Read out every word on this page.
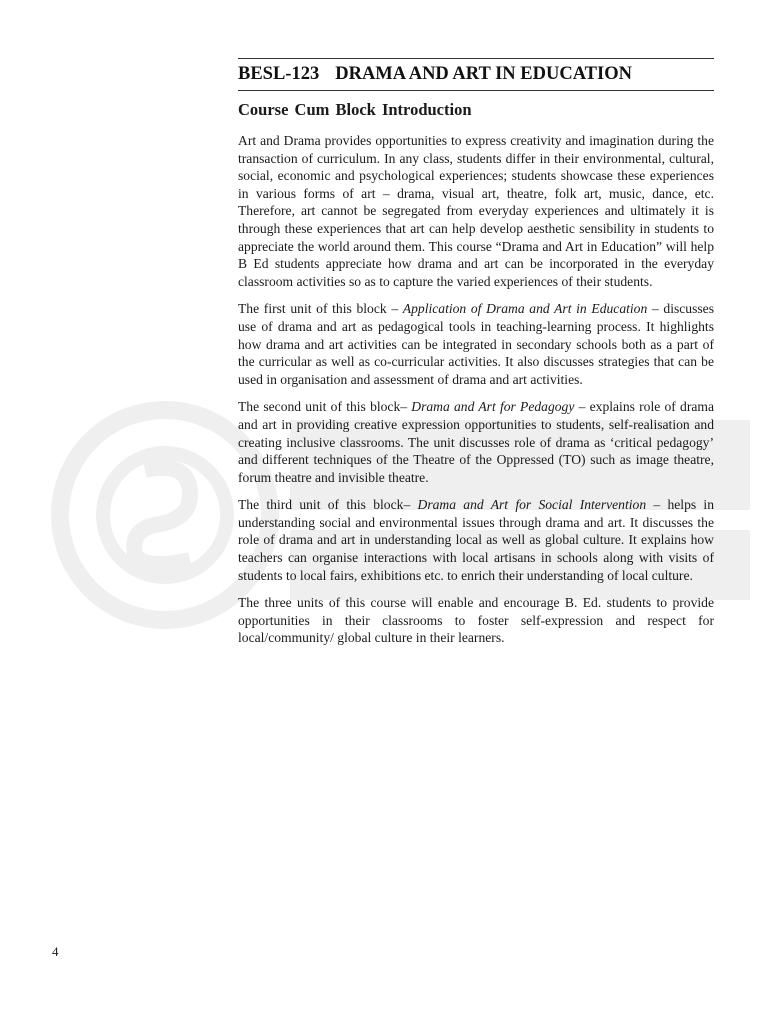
BESL-123 DRAMA AND ART IN EDUCATION
Course Cum Block Introduction

Art and Drama provides opportunities to express creativity and imagination during the transaction of curriculum. In any class, students differ in their environmental, cultural, social, economic and psychological experiences; students showcase these experiences in various forms of art – drama, visual art, theatre, folk art, music, dance, etc. Therefore, art cannot be segregated from everyday experiences and ultimately it is through these experiences that art can help develop aesthetic sensibility in students to appreciate the world around them. This course “Drama and Art in Education” will help B Ed students appreciate how drama and art can be incorporated in the everyday classroom activities so as to capture the varied experiences of their students.

The first unit of this block – Application of Drama and Art in Education – discusses use of drama and art as pedagogical tools in teaching-learning process. It highlights how drama and art activities can be integrated in secondary schools both as a part of the curricular as well as co-curricular activities. It also discusses strategies that can be used in organisation and assessment of drama and art activities.

The second unit of this block– Drama and Art for Pedagogy – explains role of drama and art in providing creative expression opportunities to students, self-realisation and creating inclusive classrooms. The unit discusses role of drama as ‘critical pedagogy’ and different techniques of the Theatre of the Oppressed (TO) such as image theatre, forum theatre and invisible theatre.

The third unit of this block– Drama and Art for Social Intervention – helps in understanding social and environmental issues through drama and art. It discusses the role of drama and art in understanding local as well as global culture. It explains how teachers can organise interactions with local artisans in schools along with visits of students to local fairs, exhibitions etc. to enrich their understanding of local culture.

The three units of this course will enable and encourage B. Ed. students to provide opportunities in their classrooms to foster self-expression and respect for local/community/ global culture in their learners.

4
